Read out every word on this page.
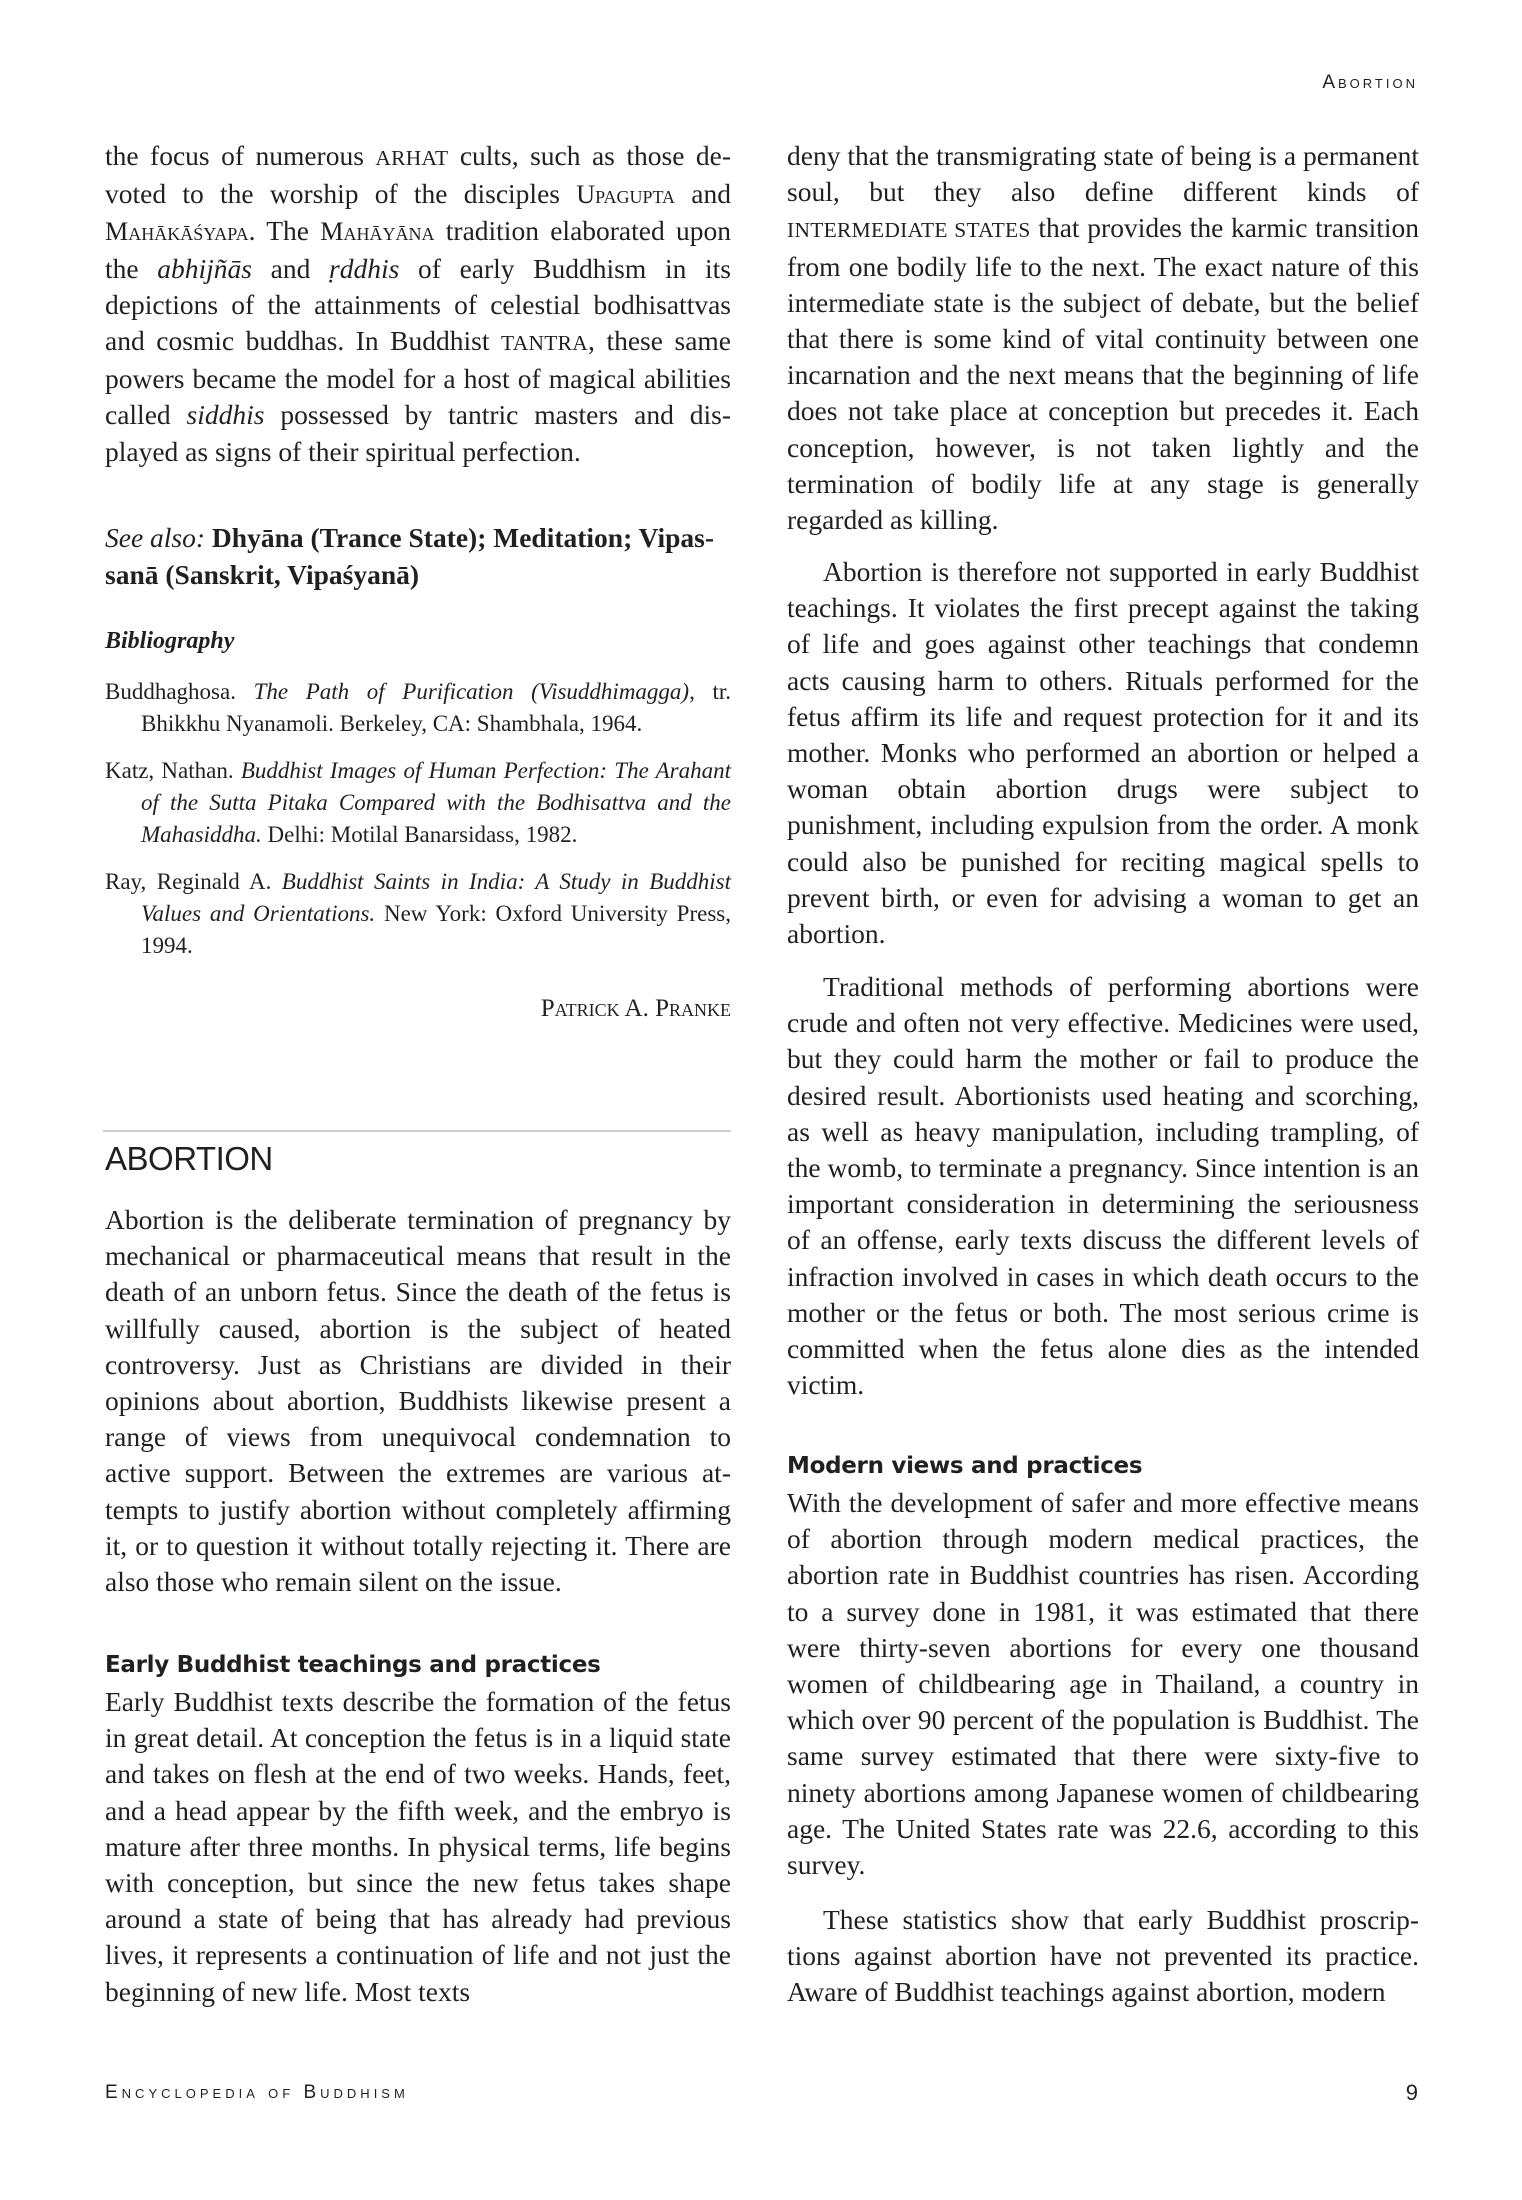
Abortion

the focus of numerous ARHAT cults, such as those devoted to the worship of the disciples Upagupta and Mahākāśyapa. The Mahāyāna tradition elaborated upon the abhijñās and ṛddhis of early Buddhism in its depictions of the attainments of celestial bodhisattvas and cosmic buddhas. In Buddhist TANTRA, these same powers became the model for a host of magical abilities called siddhis possessed by tantric masters and displayed as signs of their spiritual perfection.

See also: Dhyāna (Trance State); Meditation; Vipassanā (Sanskrit, Vipaśyanā)

Bibliography

Buddhaghosa. The Path of Purification (Visuddhimagga), tr. Bhikkhu Nyanamoli. Berkeley, CA: Shambhala, 1964.

Katz, Nathan. Buddhist Images of Human Perfection: The Arahant of the Sutta Pitaka Compared with the Bodhisattva and the Mahasiddha. Delhi: Motilal Banarsidass, 1982.

Ray, Reginald A. Buddhist Saints in India: A Study in Buddhist Values and Orientations. New York: Oxford University Press, 1994.

Patrick A. Pranke

ABORTION

Abortion is the deliberate termination of pregnancy by mechanical or pharmaceutical means that result in the death of an unborn fetus. Since the death of the fetus is willfully caused, abortion is the subject of heated controversy. Just as Christians are divided in their opinions about abortion, Buddhists likewise present a range of views from unequivocal condemnation to active support. Between the extremes are various attempts to justify abortion without completely affirming it, or to question it without totally rejecting it. There are also those who remain silent on the issue.

Early Buddhist teachings and practices

Early Buddhist texts describe the formation of the fetus in great detail. At conception the fetus is in a liquid state and takes on flesh at the end of two weeks. Hands, feet, and a head appear by the fifth week, and the embryo is mature after three months. In physical terms, life begins with conception, but since the new fetus takes shape around a state of being that has already had previous lives, it represents a continuation of life and not just the beginning of new life. Most texts

deny that the transmigrating state of being is a permanent soul, but they also define different kinds of INTERMEDIATE STATES that provides the karmic transition from one bodily life to the next. The exact nature of this intermediate state is the subject of debate, but the belief that there is some kind of vital continuity between one incarnation and the next means that the beginning of life does not take place at conception but precedes it. Each conception, however, is not taken lightly and the termination of bodily life at any stage is generally regarded as killing.

Abortion is therefore not supported in early Buddhist teachings. It violates the first precept against the taking of life and goes against other teachings that condemn acts causing harm to others. Rituals performed for the fetus affirm its life and request protection for it and its mother. Monks who performed an abortion or helped a woman obtain abortion drugs were subject to punishment, including expulsion from the order. A monk could also be punished for reciting magical spells to prevent birth, or even for advising a woman to get an abortion.

Traditional methods of performing abortions were crude and often not very effective. Medicines were used, but they could harm the mother or fail to produce the desired result. Abortionists used heating and scorching, as well as heavy manipulation, including trampling, of the womb, to terminate a pregnancy. Since intention is an important consideration in determining the seriousness of an offense, early texts discuss the different levels of infraction involved in cases in which death occurs to the mother or the fetus or both. The most serious crime is committed when the fetus alone dies as the intended victim.

Modern views and practices

With the development of safer and more effective means of abortion through modern medical practices, the abortion rate in Buddhist countries has risen. According to a survey done in 1981, it was estimated that there were thirty-seven abortions for every one thousand women of childbearing age in Thailand, a country in which over 90 percent of the population is Buddhist. The same survey estimated that there were sixty-five to ninety abortions among Japanese women of childbearing age. The United States rate was 22.6, according to this survey.

These statistics show that early Buddhist proscriptions against abortion have not prevented its practice. Aware of Buddhist teachings against abortion, modern

Encyclopedia of Buddhism	9
